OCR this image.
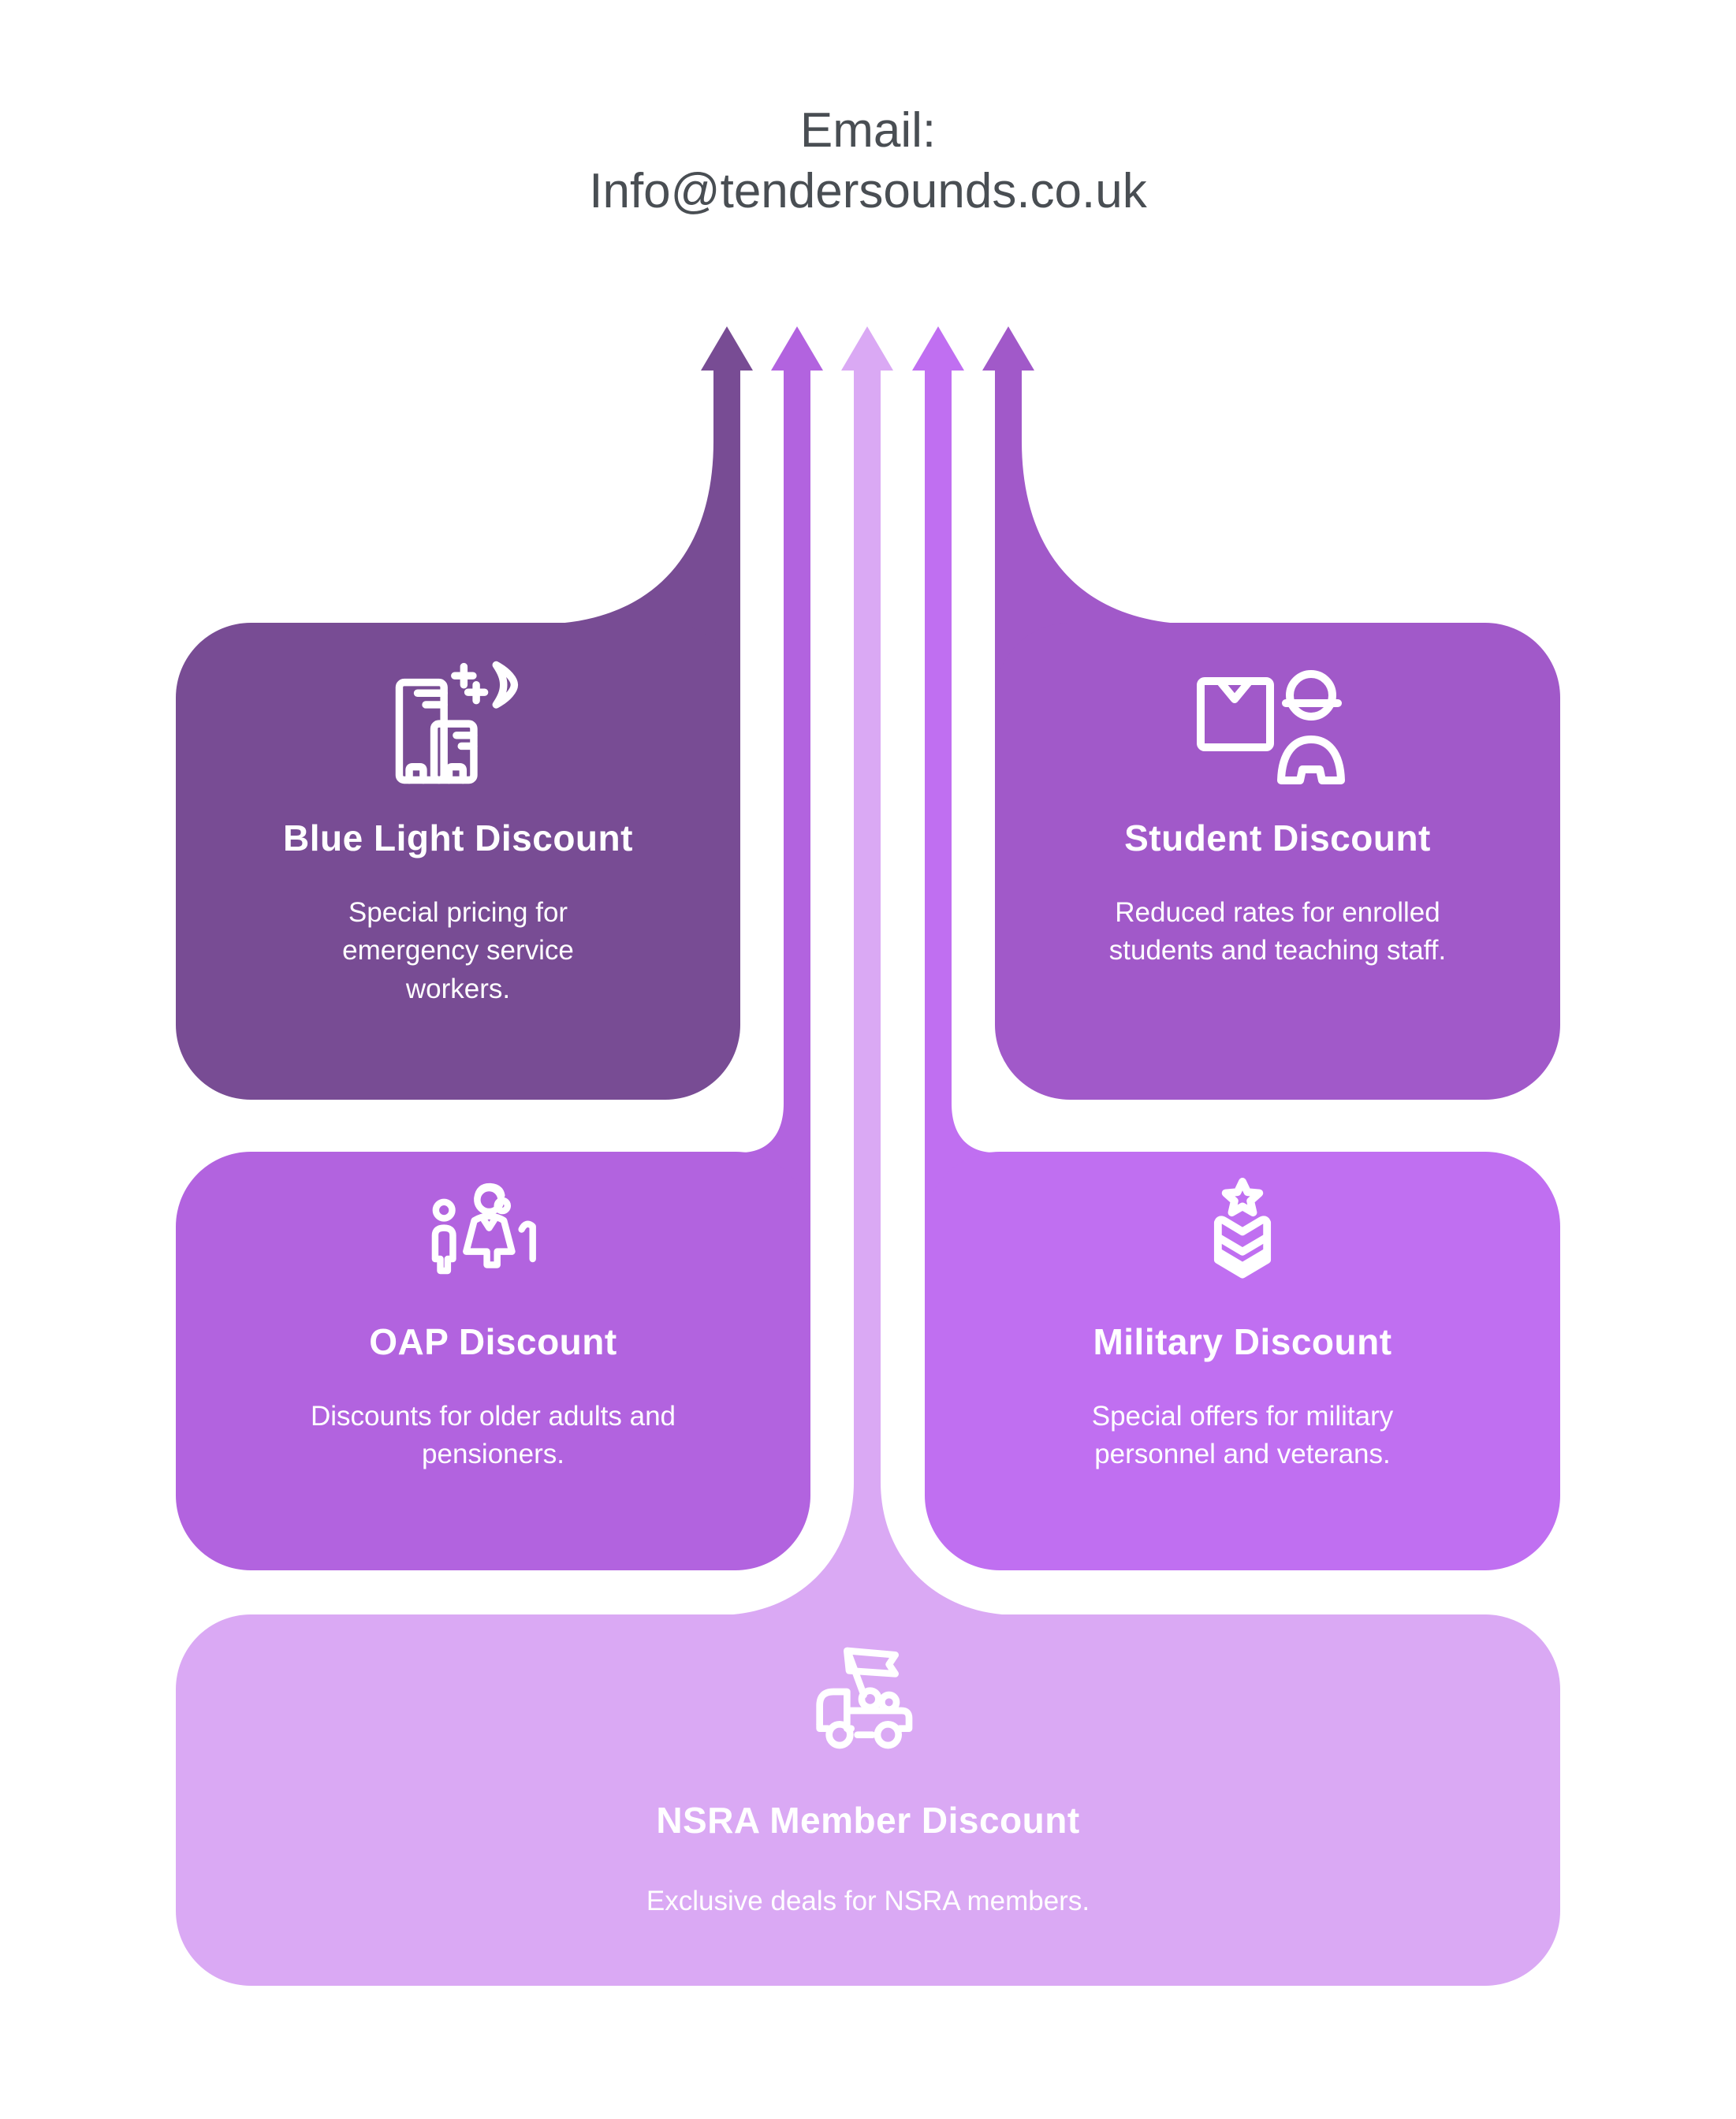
Email:
Info@tendersounds.co.uk
Blue Light Discount

Special pricing for emergency service workers.

Student Discount

Reduced rates for enrolled students and teaching staff.

OAP Discount

Discounts for older adults and pensioners.

Military Discount

Special offers for military personnel and veterans.

NSRA Member Discount

Exclusive deals for NSRA members.
